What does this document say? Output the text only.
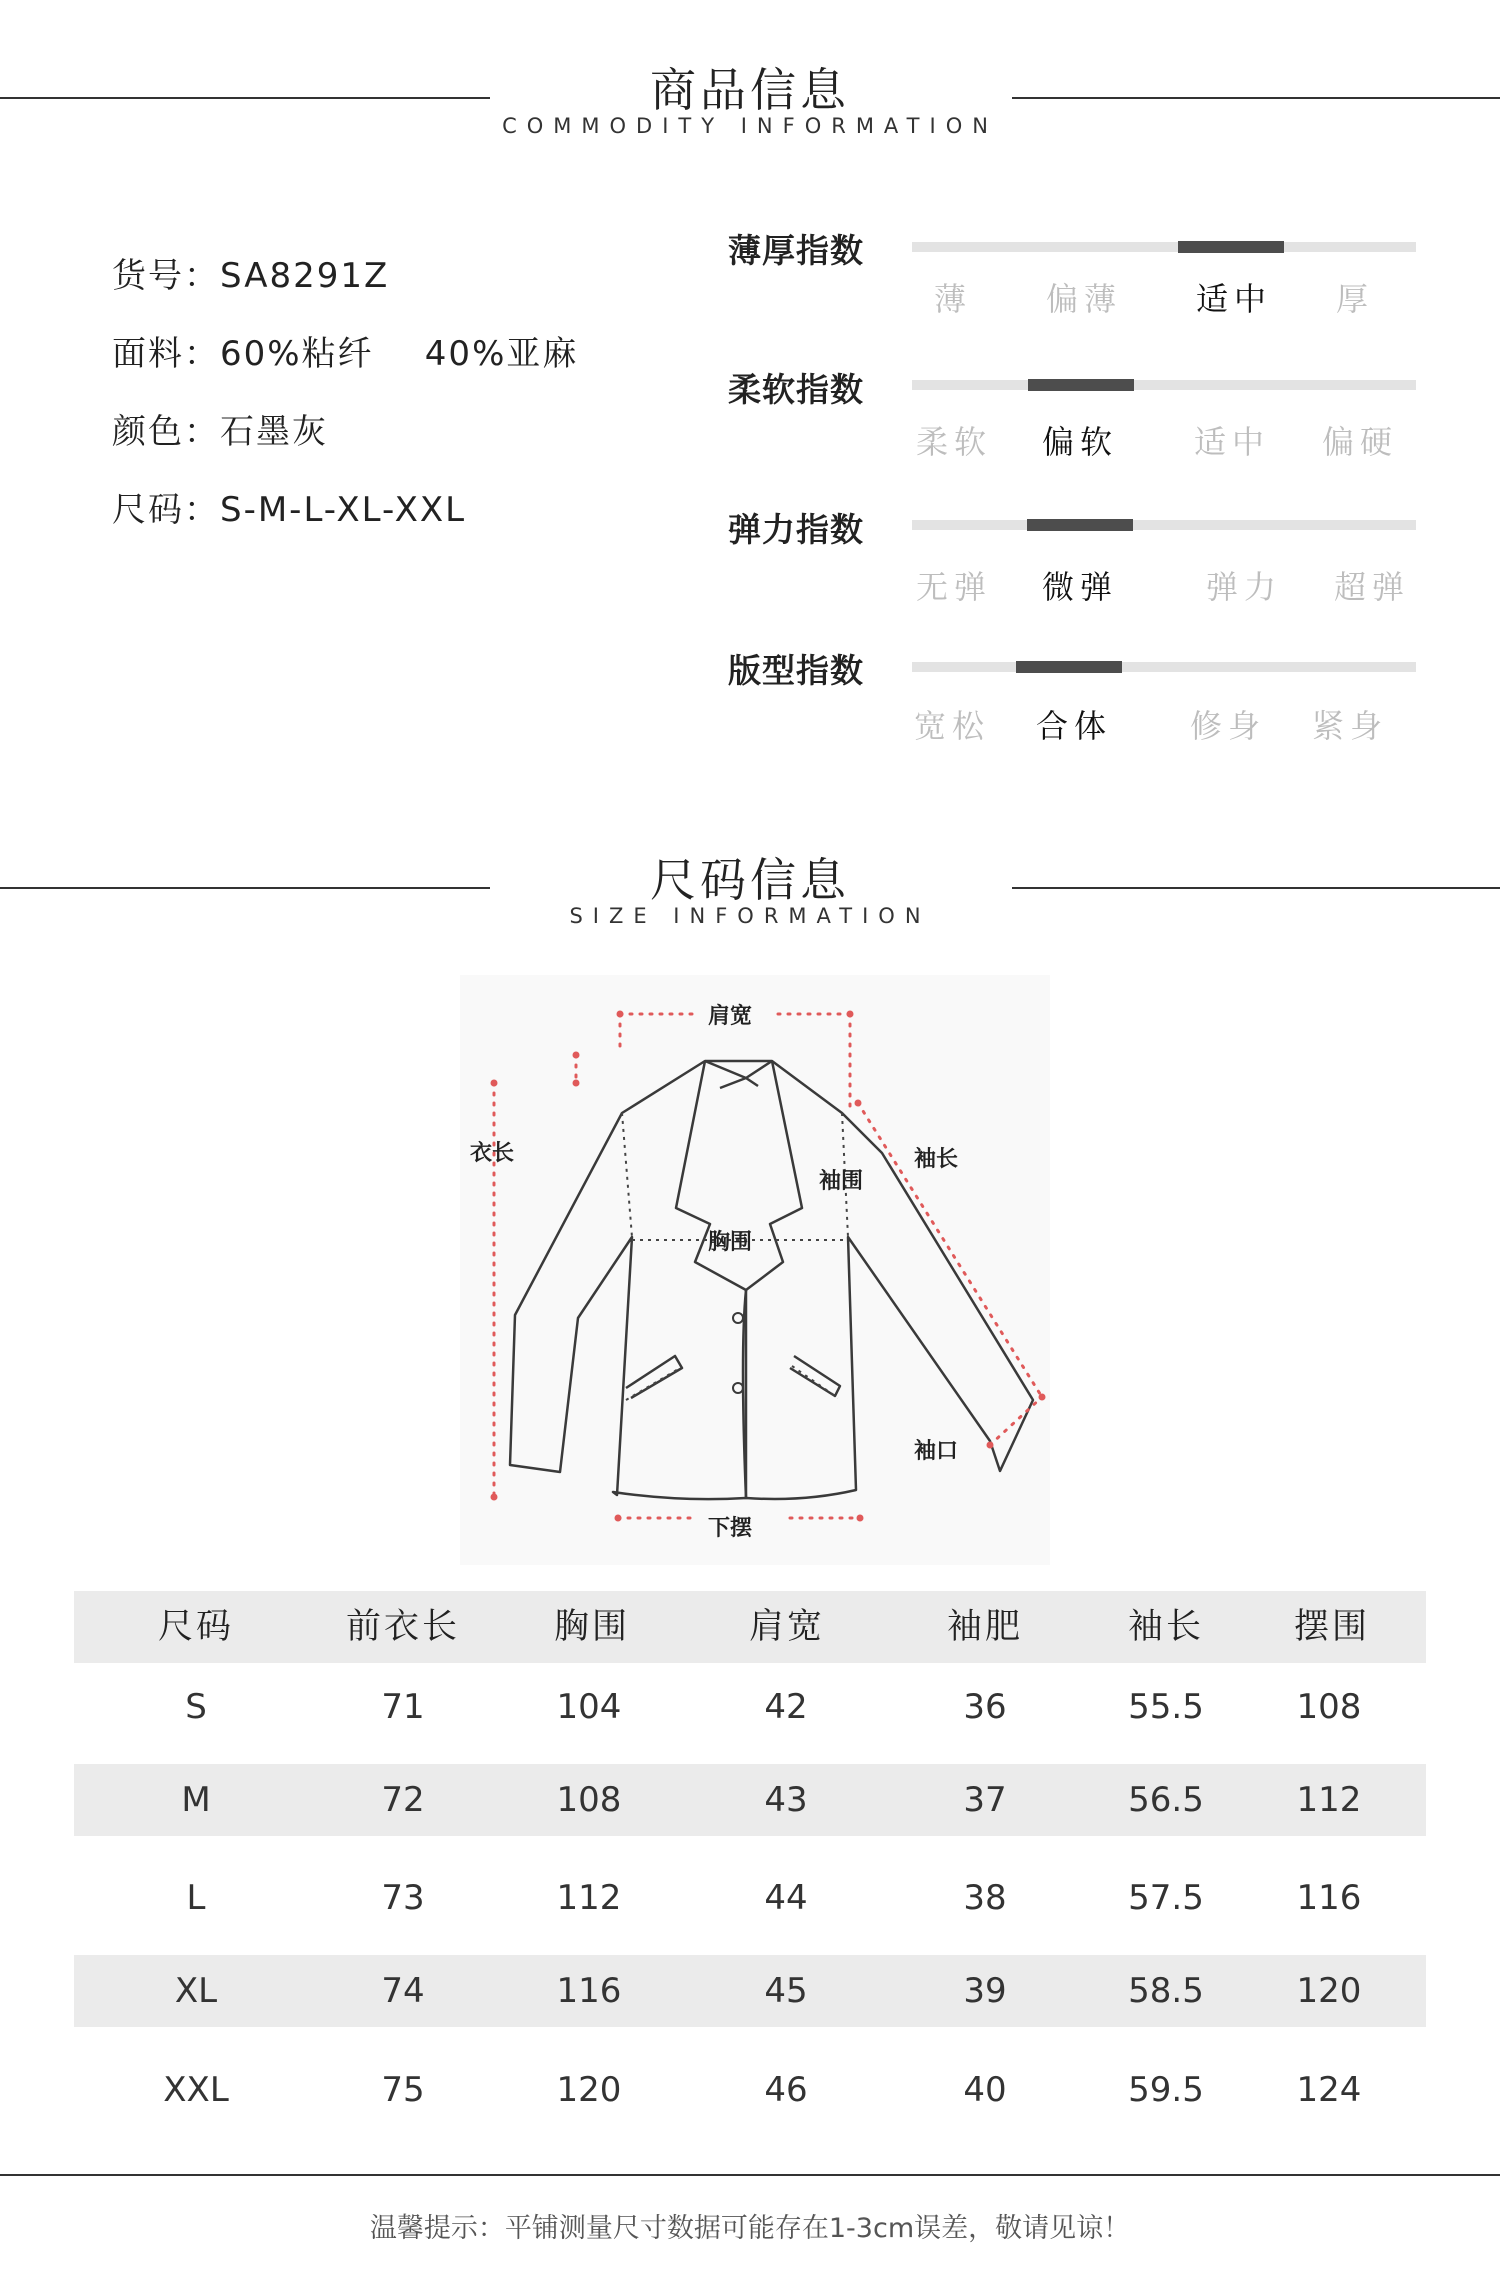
商品信息
COMMODITY INFORMATION
货号：SA8291Z
面料：60%粘纤    40%亚麻
颜色：石墨灰
尺码：S-M-L-XL-XXL
薄厚指数
薄 偏薄 适中 厚
柔软指数
柔软 偏软 适中 偏硬
弹力指数
无弹 微弹	弹力 超弹
版型指数
宽松 合体 修身 紧身
尺码信息
SIZE INFORMATION
肩宽
衣长
袖围
袖长
胸围
袖口
下摆
尺码	前衣长	胸围	肩宽	袖肥	袖长	摆围
S	71	104	42	36	55.5	108
M	72	108	43	37	56.5	112
L	73	112	44	38	57.5	116
XL	74	116	45	39	58.5	120
XXL	75	120	46	40	59.5	124
温馨提示：平铺测量尺寸数据可能存在1-3cm误差，敬请见谅！
